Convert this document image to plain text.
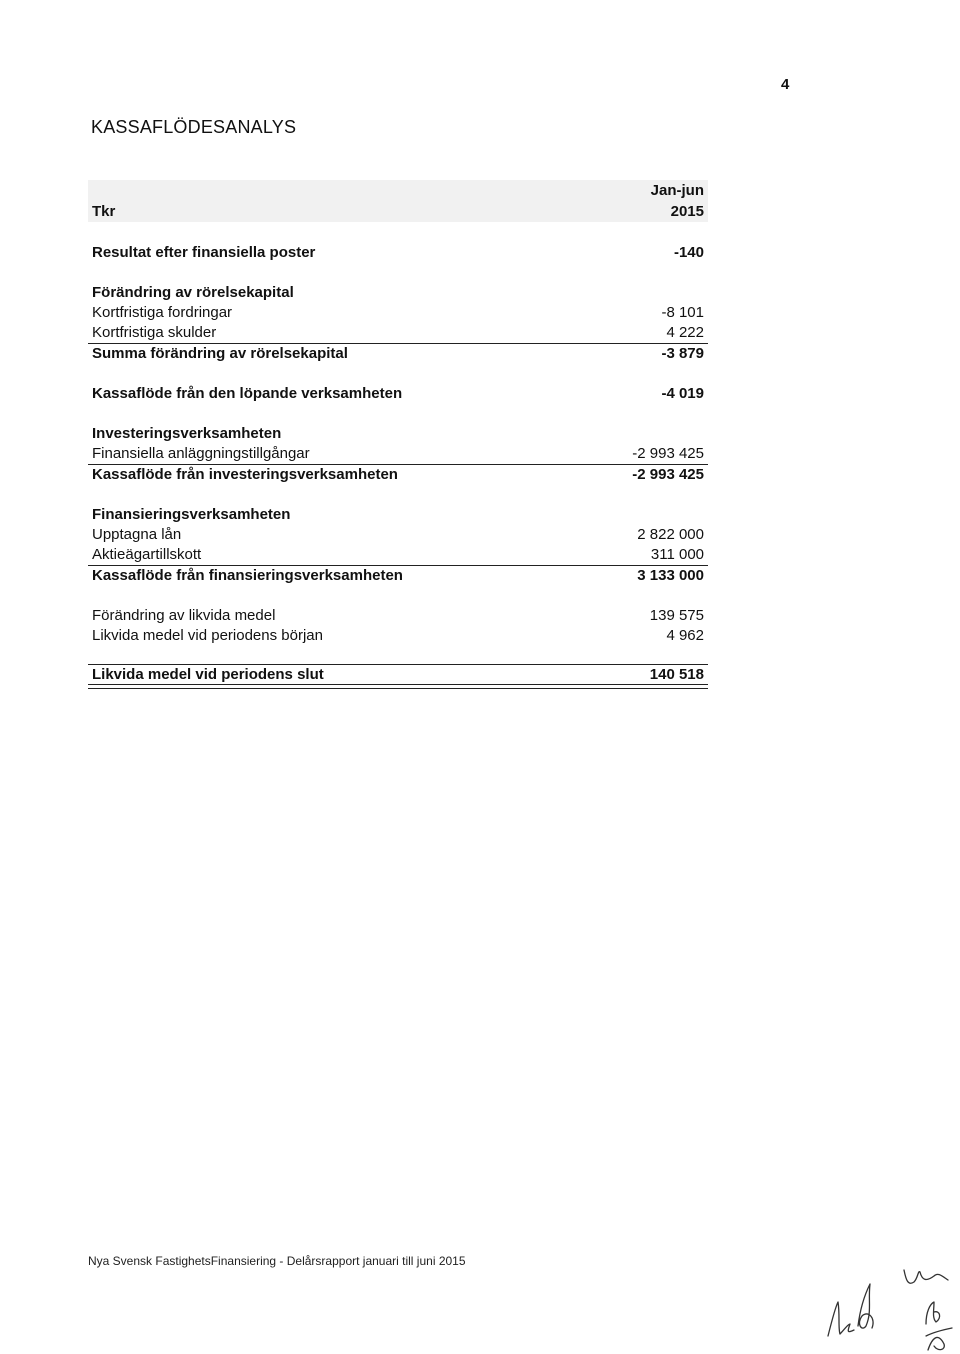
4
KASSAFLÖDESANALYS
Tkr
Jan-jun
2015
Resultat efter finansiella poster	-140
Förändring av rörelsekapital
Kortfristiga fordringar	-8 101
Kortfristiga skulder	4 222
Summa förändring av rörelsekapital	-3 879
Kassaflöde från den löpande verksamheten	-4 019
Investeringsverksamheten
Finansiella anläggningstillgångar	-2 993 425
Kassaflöde från investeringsverksamheten	-2 993 425
Finansieringsverksamheten
Upptagna lån	2 822 000
Aktieägartillskott	311 000
Kassaflöde från finansieringsverksamheten	3 133 000
Förändring av likvida medel	139 575
Likvida medel vid periodens början	4 962
Likvida medel vid periodens slut	140 518
Nya Svensk FastighetsFinansiering - Delårsrapport januari till juni 2015
